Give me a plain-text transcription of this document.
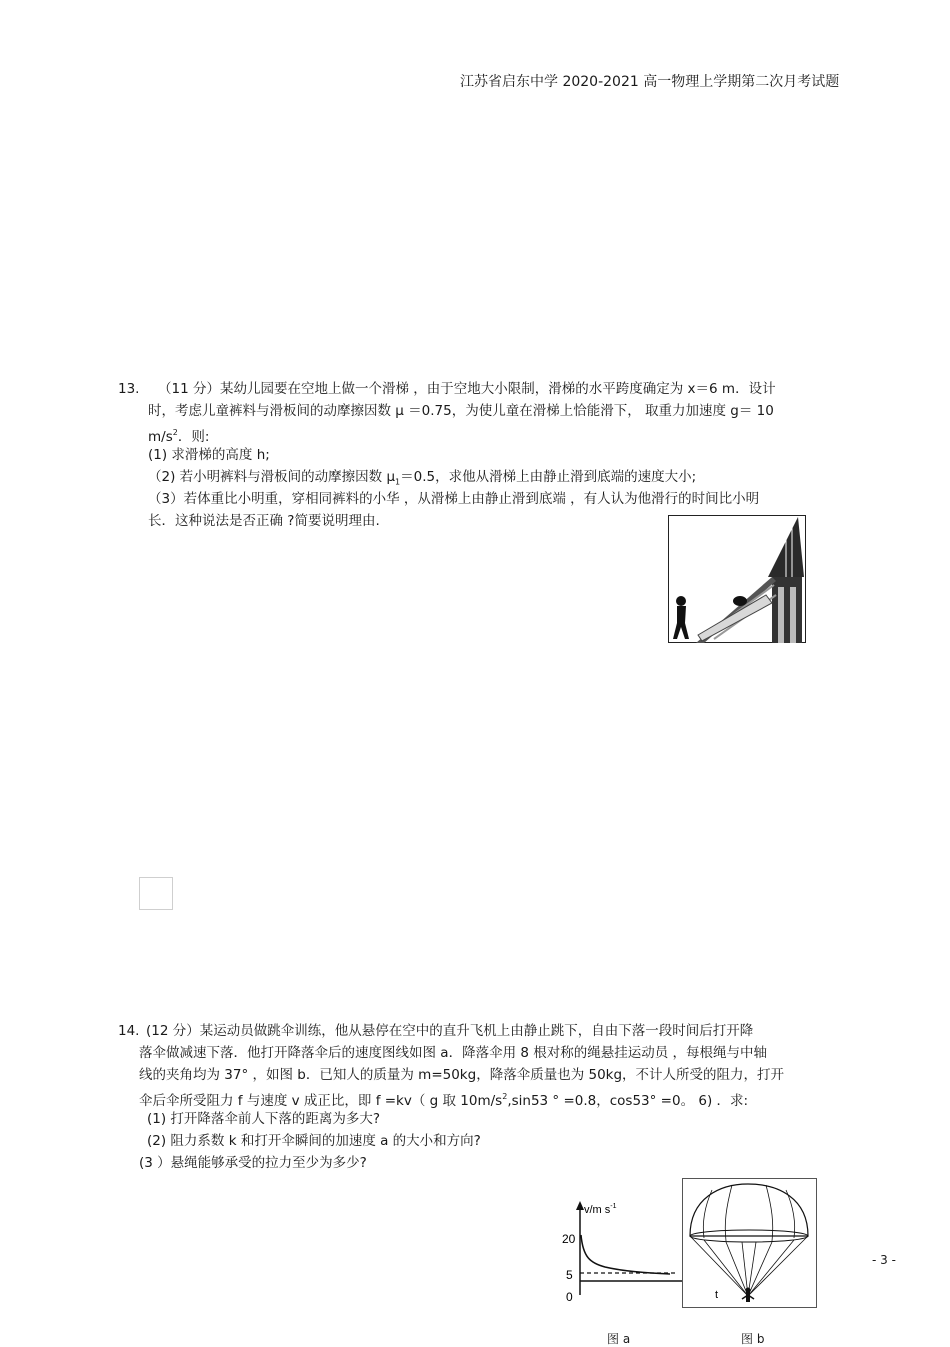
江苏省启东中学 2020-2021 高一物理上学期第二次月考试题
13. （11 分）某幼儿园要在空地上做一个滑梯 ，由于空地大小限制，滑梯的水平跨度确定为 x＝6 m．设计
时，考虑儿童裤料与滑板间的动摩擦因数 μ ＝0.75，为使儿童在滑梯上恰能滑下， 取重力加速度 g＝ 10
$m/s^2$．则:
(1) 求滑梯的高度 h;
（2) 若小明裤料与滑板间的动摩擦因数 $\mu_1=0.5$，求他从滑梯上由静止滑到底端的速度大小;
（3）若体重比小明重，穿相同裤料的小华 ，从滑梯上由静止滑到底端 ，有人认为他滑行的时间比小明
长．这种说法是否正确 ?简要说明理由.
14. (12 分）某运动员做跳伞训练，他从悬停在空中的直升飞机上由静止跳下，自由下落一段时间后打开降
落伞做减速下落．他打开降落伞后的速度图线如图 a．降落伞用 8 根对称的绳悬挂运动员 ，每根绳与中轴
线的夹角均为 37° ，如图 b．已知人的质量为 m=50kg，降落伞质量也为 50kg，不计人所受的阻力，打开
伞后伞所受阻力 f 与速度 v 成正比，即 f =kv（ g 取 $10m/s^2,\sin 53$ ° =0.8，cos53° =0。 6) ．求:
(1) 打开降落伞前人下落的距离为多大?
(2) 阻力系数 k 和打开伞瞬间的加速度 a 的大小和方向?
(3 ）悬绳能够承受的拉力至少为多少?
20
5
0
v/m $s^{-1}$
t
图 a	图 b
- 3 -
